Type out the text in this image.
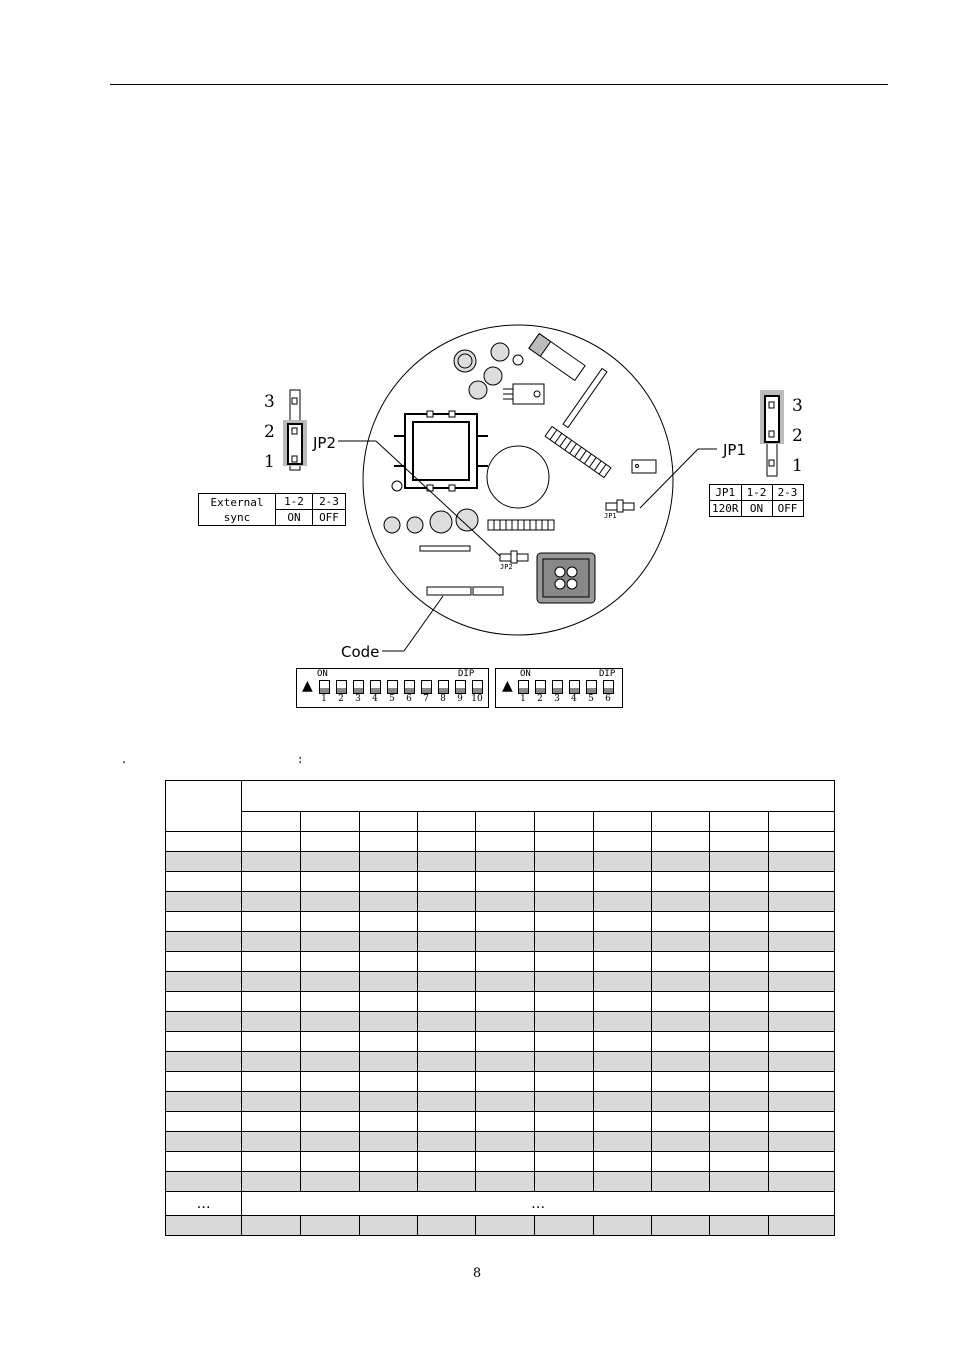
3
2
1
JP2
3
2
1
JP1
JP1
JP2
External sync	1-2	2-3
	ON	OFF
JP1	1-2	2-3
120R	ON	OFF
Code
ON	DIP
▲
1	2	3	4	5	6	7	8	9 10
ON	DIP
▲
1	2	3	4	5	6
.	:

…	…									

8
